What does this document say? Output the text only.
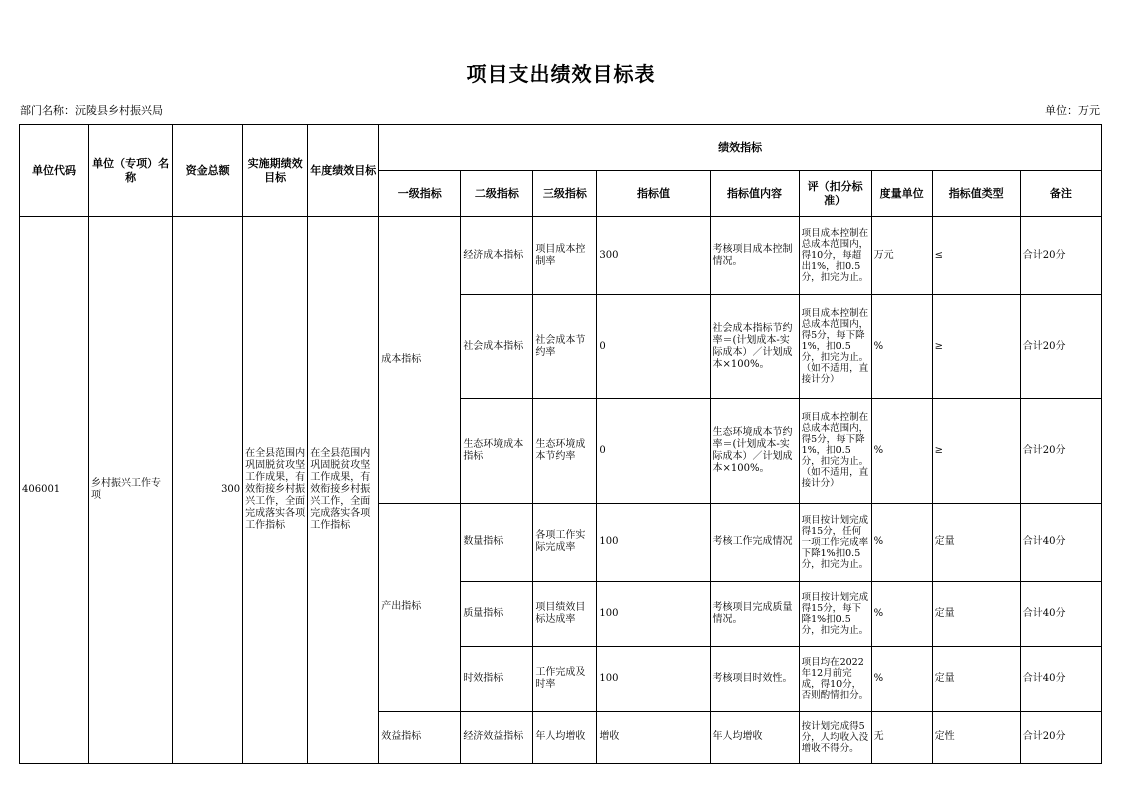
项目支出绩效目标表
部门名称：沅陵县乡村振兴局	单位：万元
单位代码	单位（专项）名称	资金总额	实施期绩效目标	年度绩效目标	绩效指标								
					一级指标	二级指标	三级指标	指标值	指标值内容	评（扣分标准）	度量单位	指标值类型	备注
406001	乡村振兴工作专项	300	在全县范围内巩固脱贫攻坚工作成果，有效衔接乡村振兴工作，全面完成落实各项工作指标	在全县范围内巩固脱贫攻坚工作成果，有效衔接乡村振兴工作，全面完成落实各项工作指标	成本指标	经济成本指标	项目成本控制率	300	考核项目成本控制情况。	项目成本控制在总成本范围内，得10分，每超出1%，扣0.5分，扣完为止。	万元	≤	合计20分
						社会成本指标	社会成本节约率	0	社会成本指标节约率＝(计划成本-实际成本）／计划成本×100%。	项目成本控制在总成本范围内，得5分，每下降1%，扣0.5分，扣完为止。（如不适用，直接计分）	%	≥	合计20分
						生态环境成本指标	生态环境成本节约率	0	生态环境成本节约率＝(计划成本-实际成本）／计划成本×100%。	项目成本控制在总成本范围内，得5分，每下降1%，扣0.5分，扣完为止。（如不适用，直接计分）	%	≥	合计20分
					产出指标	数量指标	各项工作实际完成率	100	考核工作完成情况	项目按计划完成得15分，任何一项工作完成率下降1%扣0.5分，扣完为止。	%	定量	合计40分
						质量指标	项目绩效目标达成率	100	考核项目完成质量情况。	项目按计划完成得15分，每下降1%扣0.5分，扣完为止。	%	定量	合计40分
						时效指标	工作完成及时率	100	考核项目时效性。	项目均在2022年12月前完成，得10分，否则酌情扣分。	%	定量	合计40分
					效益指标	经济效益指标	年人均增收	增收	年人均增收	按计划完成得5分，人均收入没增收不得分。	无	定性	合计20分
